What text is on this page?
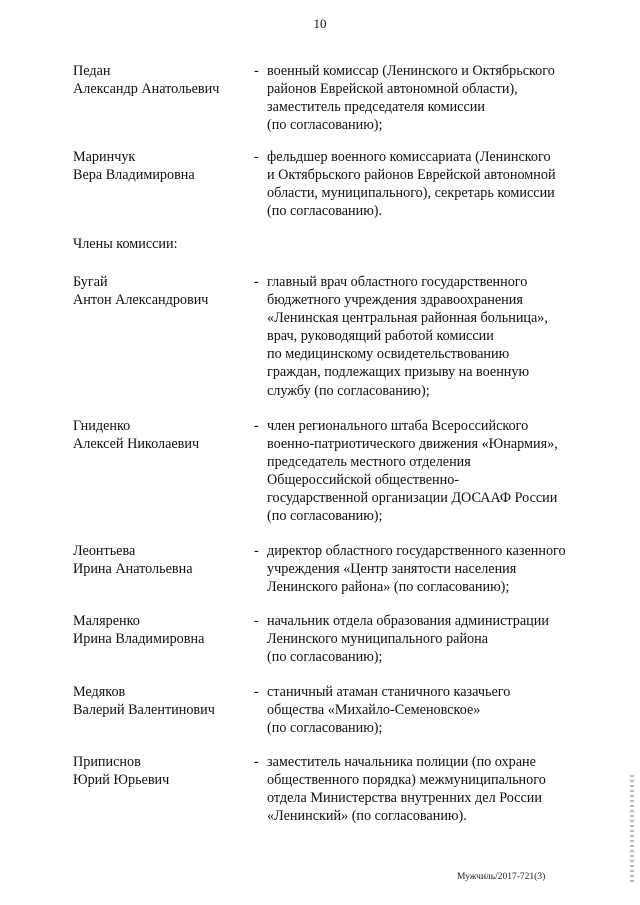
10
Педан
Александр Анатольевич
- военный комиссар (Ленинского и Октябрьского
районов Еврейской автономной области),
заместитель председателя комиссии
(по согласованию);
Маринчук
Вера Владимировна
- фельдшер военного комиссариата (Ленинского
и Октябрьского районов Еврейской автономной
области, муниципального), секретарь комиссии
(по согласованию).
Члены комиссии:
Бугай
Антон Александрович
- главный врач областного государственного
бюджетного учреждения здравоохранения
«Ленинская центральная районная больница»,
врач, руководящий работой комиссии
по медицинскому освидетельствованию
граждан, подлежащих призыву на военную
службу (по согласованию);
Гниденко
Алексей Николаевич
- член регионального штаба Всероссийского
военно-патриотического движения «Юнармия»,
председатель местного отделения
Общероссийской общественно-
государственной организации ДОСААФ России
(по согласованию);
Леонтьева
Ирина Анатольевна
- директор областного государственного казенного
учреждения «Центр занятости населения
Ленинского района» (по согласованию);
Маляренко
Ирина Владимировна
- начальник отдела образования администрации
Ленинского муниципального района
(по согласованию);
Медяков
Валерий Валентинович
- станичный атаман станичного казачьего
общества «Михайло-Семеновское»
(по согласованию);
Приписнов
Юрий Юрьевич
- заместитель начальника полиции (по охране
общественного порядка) межмуниципального
отдела Министерства внутренних дел России
«Ленинский» (по согласованию).
Мужчиль/2017-721(3)
